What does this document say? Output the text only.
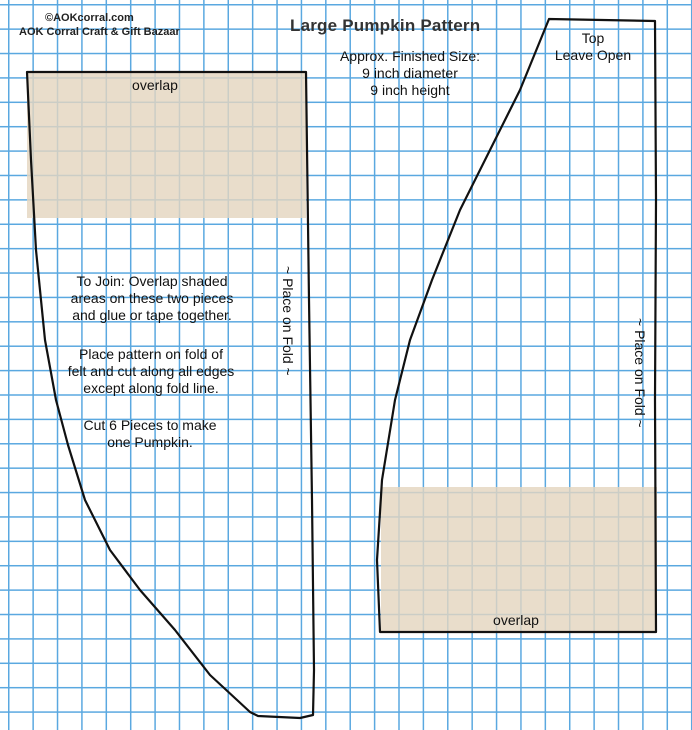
©AOKcorral.com
AOK Corral Craft & Gift Bazaar	Large Pumpkin Pattern
Approx. Finished Size:
9 inch diameter
9 inch height
overlap
To Join: Overlap shaded
areas on these two pieces
and glue or tape together.
Place pattern on fold of
felt and cut along all edges
except along fold line.
Cut 6 Pieces to make
one Pumpkin.
~ Place on Fold ~
Top
Leave Open
~ Place on Fold ~
overlap
